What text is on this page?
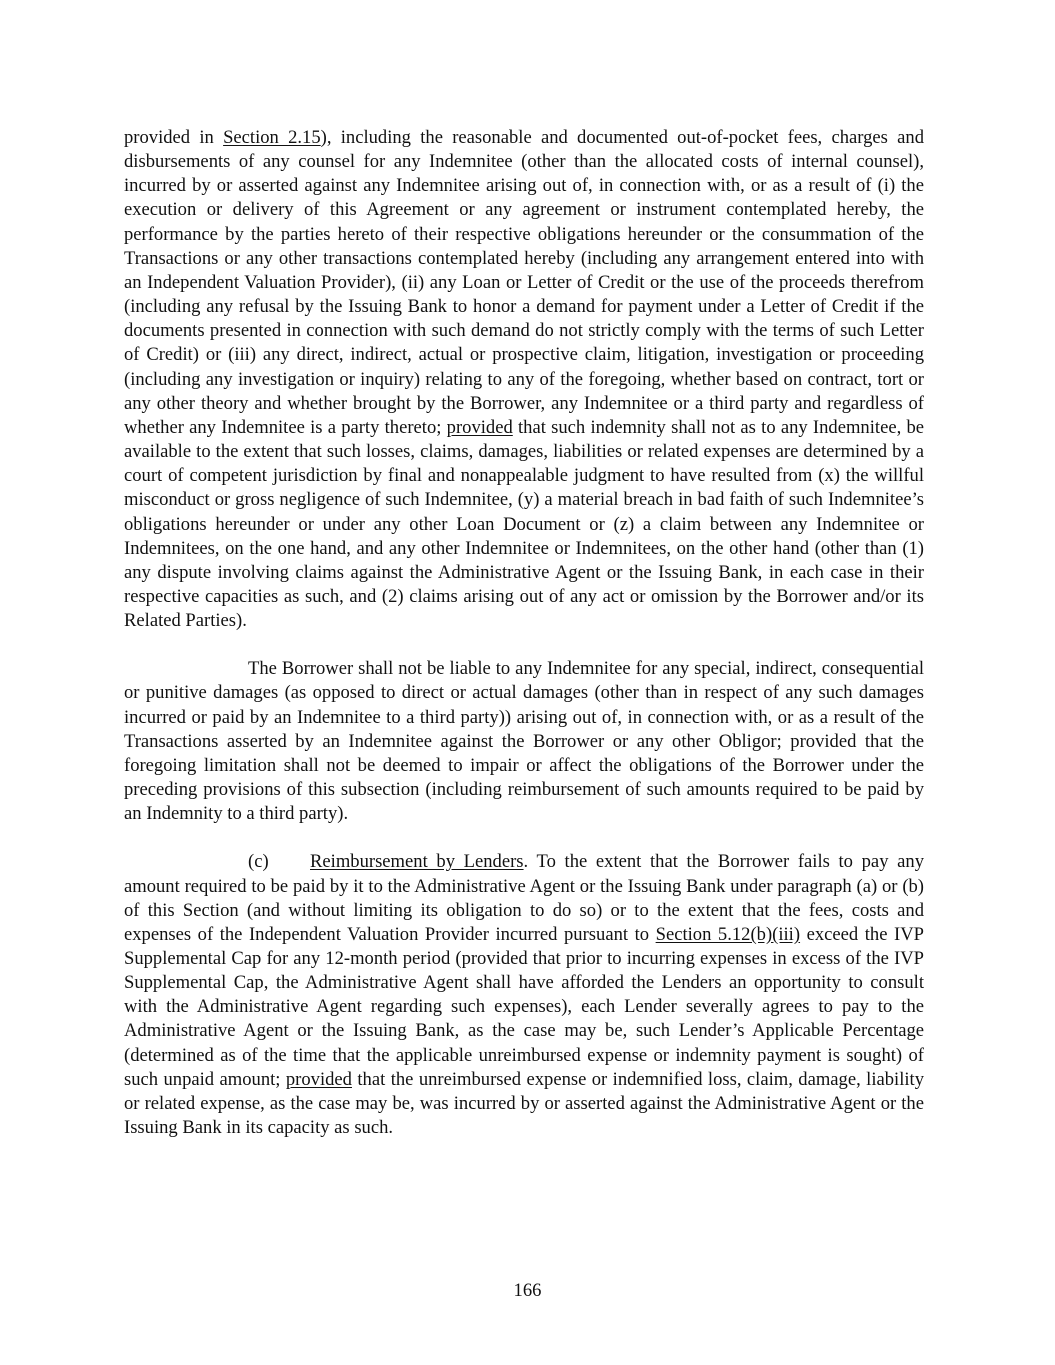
provided in Section 2.15), including the reasonable and documented out-of-pocket fees, charges and disbursements of any counsel for any Indemnitee (other than the allocated costs of internal counsel), incurred by or asserted against any Indemnitee arising out of, in connection with, or as a result of (i) the execution or delivery of this Agreement or any agreement or instrument contemplated hereby, the performance by the parties hereto of their respective obligations hereunder or the consummation of the Transactions or any other transactions contemplated hereby (including any arrangement entered into with an Independent Valuation Provider), (ii) any Loan or Letter of Credit or the use of the proceeds therefrom (including any refusal by the Issuing Bank to honor a demand for payment under a Letter of Credit if the documents presented in connection with such demand do not strictly comply with the terms of such Letter of Credit) or (iii) any direct, indirect, actual or prospective claim, litigation, investigation or proceeding (including any investigation or inquiry) relating to any of the foregoing, whether based on contract, tort or any other theory and whether brought by the Borrower, any Indemnitee or a third party and regardless of whether any Indemnitee is a party thereto; provided that such indemnity shall not as to any Indemnitee, be available to the extent that such losses, claims, damages, liabilities or related expenses are determined by a court of competent jurisdiction by final and nonappealable judgment to have resulted from (x) the willful misconduct or gross negligence of such Indemnitee, (y) a material breach in bad faith of such Indemnitee’s obligations hereunder or under any other Loan Document or (z) a claim between any Indemnitee or Indemnitees, on the one hand, and any other Indemnitee or Indemnitees, on the other hand (other than (1) any dispute involving claims against the Administrative Agent or the Issuing Bank, in each case in their respective capacities as such, and (2) claims arising out of any act or omission by the Borrower and/or its Related Parties).

The Borrower shall not be liable to any Indemnitee for any special, indirect, consequential or punitive damages (as opposed to direct or actual damages (other than in respect of any such damages incurred or paid by an Indemnitee to a third party)) arising out of, in connection with, or as a result of the Transactions asserted by an Indemnitee against the Borrower or any other Obligor; provided that the foregoing limitation shall not be deemed to impair or affect the obligations of the Borrower under the preceding provisions of this subsection (including reimbursement of such amounts required to be paid by an Indemnity to a third party).

(c) Reimbursement by Lenders. To the extent that the Borrower fails to pay any amount required to be paid by it to the Administrative Agent or the Issuing Bank under paragraph (a) or (b) of this Section (and without limiting its obligation to do so) or to the extent that the fees, costs and expenses of the Independent Valuation Provider incurred pursuant to Section 5.12(b)(iii) exceed the IVP Supplemental Cap for any 12-month period (provided that prior to incurring expenses in excess of the IVP Supplemental Cap, the Administrative Agent shall have afforded the Lenders an opportunity to consult with the Administrative Agent regarding such expenses), each Lender severally agrees to pay to the Administrative Agent or the Issuing Bank, as the case may be, such Lender’s Applicable Percentage (determined as of the time that the applicable unreimbursed expense or indemnity payment is sought) of such unpaid amount; provided that the unreimbursed expense or indemnified loss, claim, damage, liability or related expense, as the case may be, was incurred by or asserted against the Administrative Agent or the Issuing Bank in its capacity as such.

166
